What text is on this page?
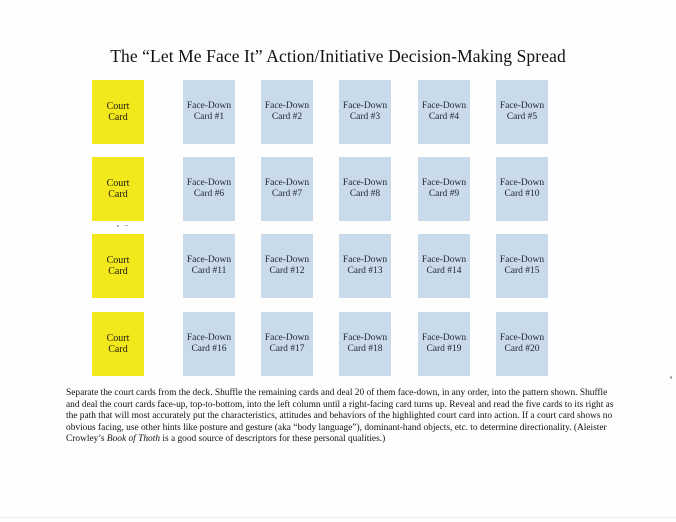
The “Let Me Face It” Action/Initiative Decision-Making Spread
Court
Card
Face-Down
Card #1
Face-Down
Card #2
Face-Down
Card #3
Face-Down
Card #4
Face-Down
Card #5
Court
Card
Face-Down
Card #6
Face-Down
Card #7
Face-Down
Card #8
Face-Down
Card #9
Face-Down
Card #10
Court
Card
Face-Down
Card #11
Face-Down
Card #12
Face-Down
Card #13
Face-Down
Card #14
Face-Down
Card #15
Court
Card
Face-Down
Card #16
Face-Down
Card #17
Face-Down
Card #18
Face-Down
Card #19
Face-Down
Card #20
Separate the court cards from the deck. Shuffle the remaining cards and deal 20 of them face-down, in any order, into the pattern shown. Shuffle and deal the court cards face-up, top-to-bottom, into the left column until a right-facing card turns up. Reveal and read the five cards to its right as the path that will most accurately put the characteristics, attitudes and behaviors of the highlighted court card into action. If a court card shows no obvious facing, use other hints like posture and gesture (aka “body language”), dominant-hand objects, etc. to determine directionality. (Aleister Crowley’s Book of Thoth is a good source of descriptors for these personal qualities.)
